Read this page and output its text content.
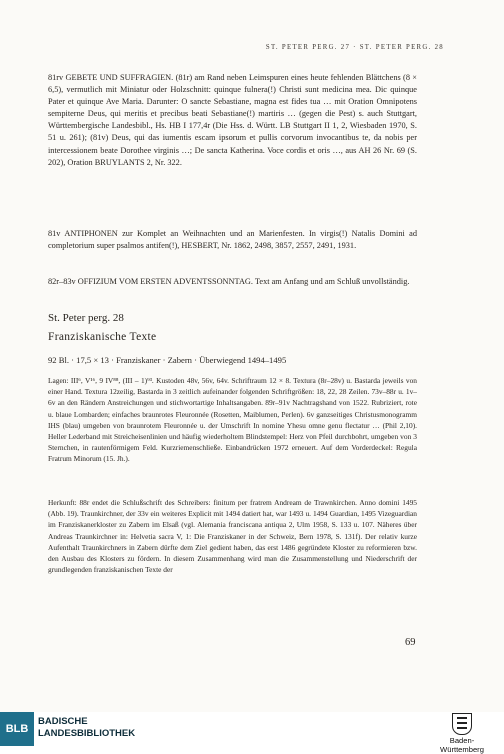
ST. PETER PERG. 27 · ST. PETER PERG. 28

81rv GEBETE UND SUFFRAGIEN. (81r) am Rand neben Leimspuren eines heute fehlenden Blättchens (8 × 6,5), vermutlich mit Miniatur oder Holzschnitt: quinque fulnera(!) Christi sunt medicina mea. Dic quinque Pater et quinque Ave Maria. Darunter: O sancte Sebastiane, magna est fides tua … mit Oration Omnipotens sempiterne Deus, qui meritis et precibus beati Sebastiane(!) martiris … (gegen die Pest) s. auch Stuttgart, Württembergische Landesbibl., Hs. HB I 177,4r (Die Hss. d. Württ. LB Stuttgart II 1, 2, Wiesbaden 1970, S. 51 u. 261); (81v) Deus, qui das iumentis escam ipsorum et pullis corvorum invocantibus te, da nobis per intercessionem beate Dorothee virginis …; De sancta Katherina. Voce cordis et oris …, aus AH 26 Nr. 69 (S. 202), Oration BRUYLANTS 2, Nr. 322.

81v ANTIPHONEN zur Komplet an Weihnachten und an Marienfesten. In virgis(!) Natalis Domini ad completorium super psalmos antifen(!), HESBERT, Nr. 1862, 2498, 3857, 2557, 2491, 1931.

82r–83v OFFIZIUM VOM ERSTEN ADVENTSSONNTAG. Text am Anfang und am Schluß unvollständig.

St. Peter perg. 28
Franziskanische Texte
92 Bl. · 17,5 × 13 · Franziskaner · Zabern · Überwiegend 1494–1495

Lagen: III⁶, V¹⁶, 9 IV⁸⁸, (III – 1)⁹³. Kustoden 48v, 56v, 64v. Schriftraum 12 × 8. Textura (8r–28v) u. Bastarda jeweils von einer Hand. Textura 12zeilig, Bastarda in 3 zeitlich aufeinander folgenden Schriftgrößen: 18, 22, 28 Zeilen. 73v–88r u. 1v–6v an den Rändern Anstreichungen und stichwortartige Inhaltsangaben. 89r–91v Nachtragshand von 1522. Rubriziert, rote u. blaue Lombarden; einfaches braunrotes Fleuronnée (Rosetten, Maiblumen, Perlen). 6v ganzseitiges Christusmonogramm IHS (blau) umgeben von braunrotem Fleuronnée u. der Umschrift In nomine Yhesu omne genu flectatur … (Phil 2,10). Heller Lederband mit Streicheisenlinien und häufig wiederholtem Blindstempel: Herz von Pfeil durchbohrt, umgeben von 3 Sternchen, in rautenförmigem Feld. Kurzriemenschließe. Einbandrücken 1972 erneuert. Auf dem Vorderdeckel: Regula Fratrum Minorum (15. Jh.).

Herkunft: 88r endet die Schlußschrift des Schreibers: finitum per fratrem Andream de Trawnkirchen. Anno domini 1495 (Abb. 19). Traunkirchner, der 33v ein weiteres Explicit mit 1494 datiert hat, war 1493 u. 1494 Guardian, 1495 Vizeguardian im Franziskanerkloster zu Zabern im Elsaß (vgl. Alemania franciscana antiqua 2, Ulm 1958, S. 133 u. 107. Näheres über Andreas Traunkirchner in: Helvetia sacra V, 1: Die Franziskaner in der Schweiz, Bern 1978, S. 131f). Der relativ kurze Aufenthalt Traunkirchners in Zabern dürfte dem Ziel gedient haben, das erst 1486 gegründete Kloster zu reformieren bzw. den Ausbau des Klosters zu fördern. In diesem Zusammenhang wird man die Zusammenstellung und Niederschrift der grundlegenden franziskanischen Texte der

69
BLB
BADISCHE
LANDESBIBLIOTHEK
Baden-Württemberg
